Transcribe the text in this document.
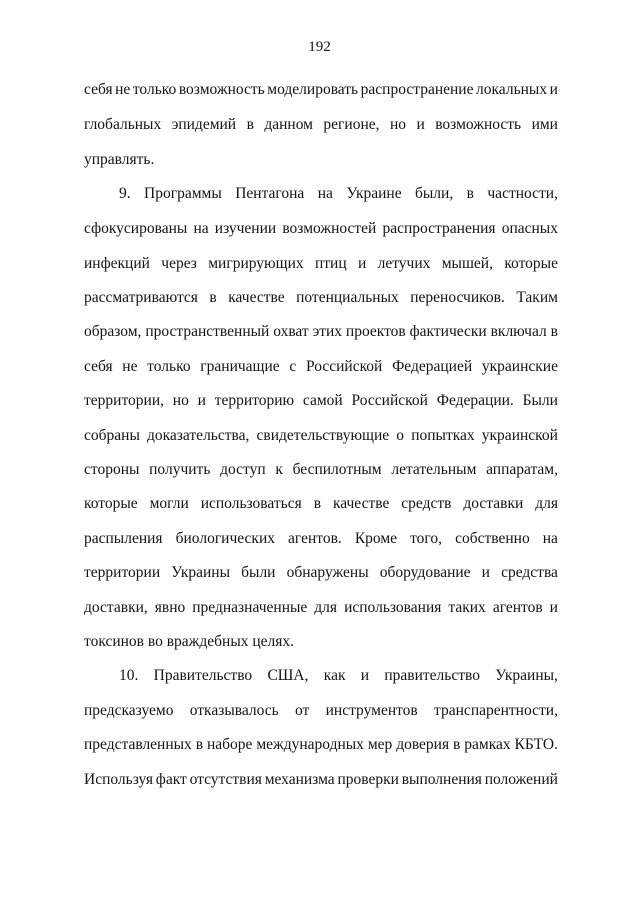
192
себя не только возможность моделировать распространение локальных и
глобальных эпидемий в данном регионе, но и возможность ими
управлять.
9. Программы Пентагона на Украине были, в частности,
сфокусированы на изучении возможностей распространения опасных
инфекций через мигрирующих птиц и летучих мышей, которые
рассматриваются в качестве потенциальных переносчиков. Таким
образом, пространственный охват этих проектов фактически включал в
себя не только граничащие с Российской Федерацией украинские
территории, но и территорию самой Российской Федерации. Были
собраны доказательства, свидетельствующие о попытках украинской
стороны получить доступ к беспилотным летательным аппаратам,
которые могли использоваться в качестве средств доставки для
распыления биологических агентов. Кроме того, собственно на
территории Украины были обнаружены оборудование и средства
доставки, явно предназначенные для использования таких агентов и
токсинов во враждебных целях.
10. Правительство США, как и правительство Украины,
предсказуемо отказывалось от инструментов транспарентности,
представленных в наборе международных мер доверия в рамках КБТО.
Используя факт отсутствия механизма проверки выполнения положений
